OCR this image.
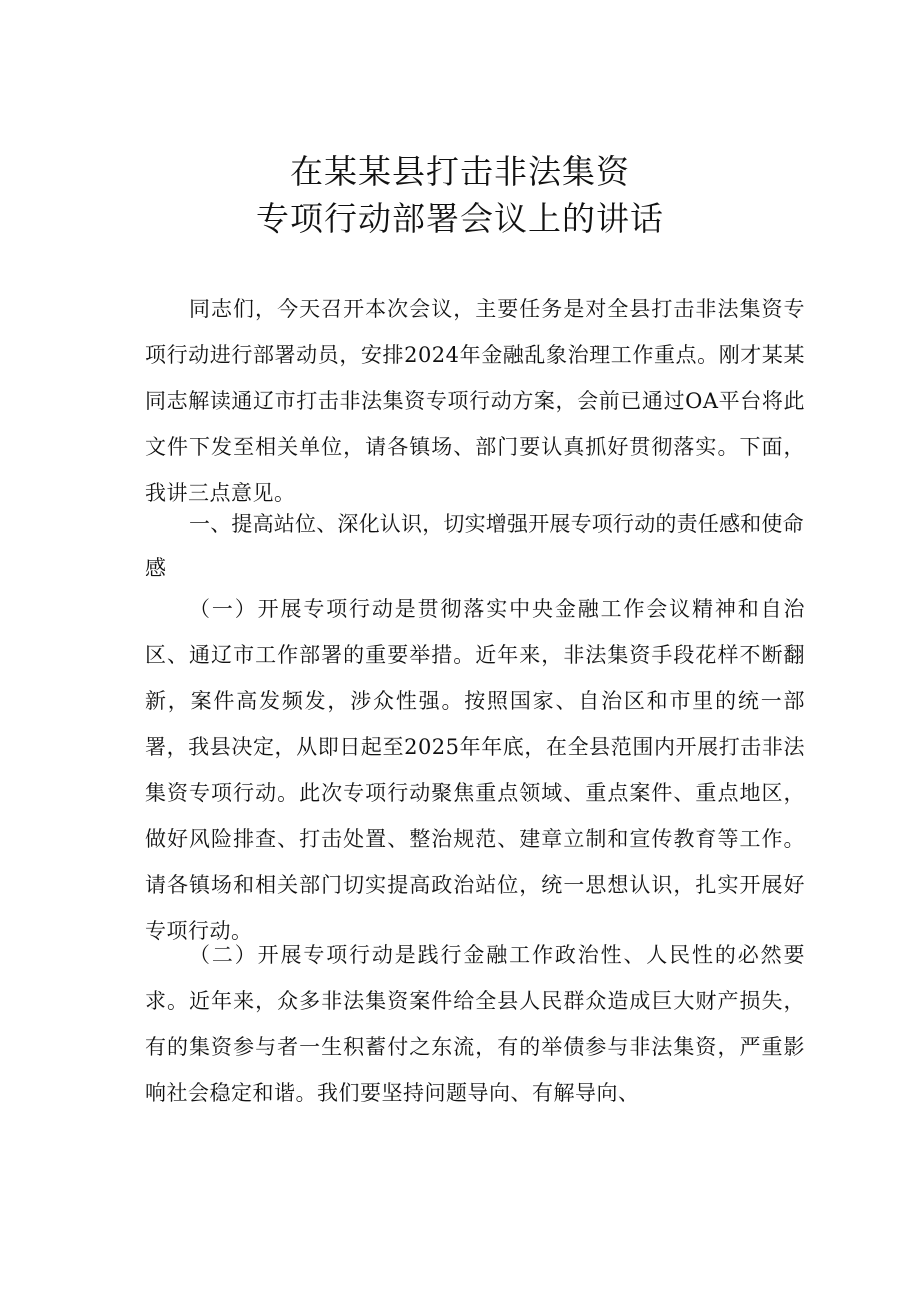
在某某县打击非法集资
专项行动部署会议上的讲话

同志们，今天召开本次会议，主要任务是对全县打击非法集资专项行动进行部署动员，安排2024年金融乱象治理工作重点。刚才某某同志解读通辽市打击非法集资专项行动方案，会前已通过OA平台将此文件下发至相关单位，请各镇场、部门要认真抓好贯彻落实。下面，我讲三点意见。

一、提高站位、深化认识，切实增强开展专项行动的责任感和使命感

（一）开展专项行动是贯彻落实中央金融工作会议精神和自治区、通辽市工作部署的重要举措。近年来，非法集资手段花样不断翻新，案件高发频发，涉众性强。按照国家、自治区和市里的统一部署，我县决定，从即日起至2025年年底，在全县范围内开展打击非法集资专项行动。此次专项行动聚焦重点领域、重点案件、重点地区，做好风险排查、打击处置、整治规范、建章立制和宣传教育等工作。请各镇场和相关部门切实提高政治站位，统一思想认识，扎实开展好专项行动。

（二）开展专项行动是践行金融工作政治性、人民性的必然要求。近年来，众多非法集资案件给全县人民群众造成巨大财产损失，有的集资参与者一生积蓄付之东流，有的举债参与非法集资，严重影响社会稳定和谐。我们要坚持问题导向、有解导向、
